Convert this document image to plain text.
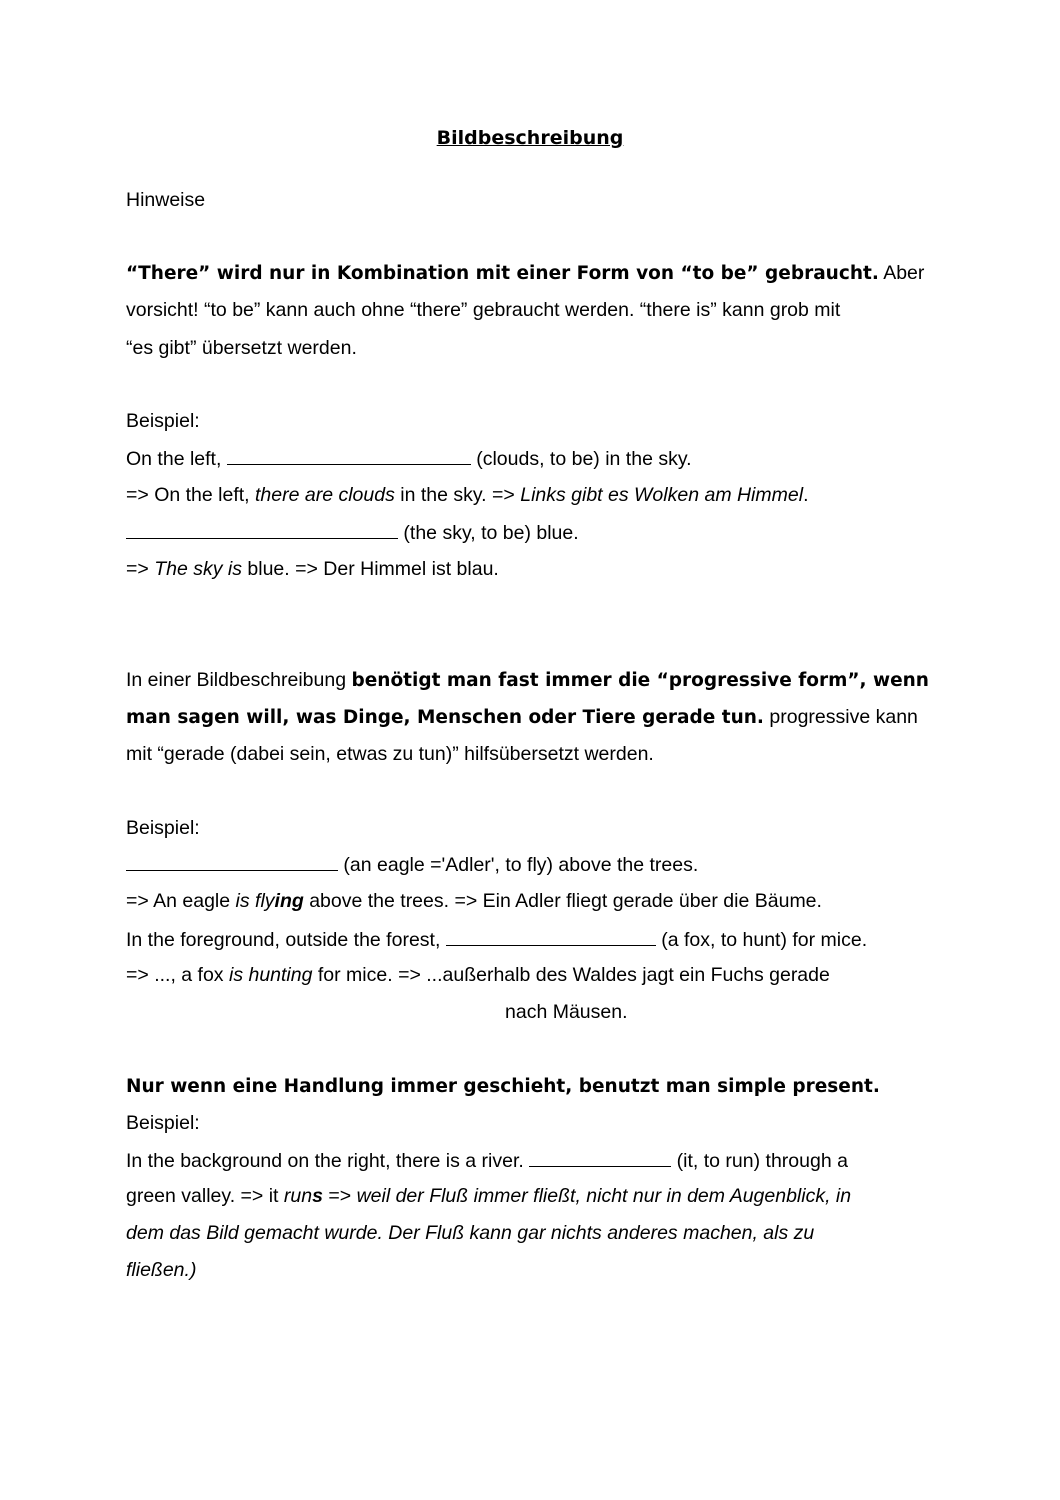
Bildbeschreibung
Hinweise
“There” wird nur in Kombination mit einer Form von “to be” gebraucht. Aber
vorsicht! “to be” kann auch ohne “there” gebraucht werden. “there is” kann grob mit
“es gibt” übersetzt werden.
Beispiel:
On the left,	(clouds, to be) in the sky.
=> On the left, there are clouds in the sky. => Links gibt es Wolken am Himmel.
(the sky, to be) blue.
=> The sky is blue. => Der Himmel ist blau.
In einer Bildbeschreibung benötigt man fast immer die “progressive form”, wenn
man sagen will, was Dinge, Menschen oder Tiere gerade tun. progressive kann
mit “gerade (dabei sein, etwas zu tun)” hilfsübersetzt werden.
Beispiel:
(an eagle ='Adler', to fly) above the trees.
=> An eagle is flying above the trees. => Ein Adler fliegt gerade über die Bäume.
In the foreground, outside the forest,	(a fox, to hunt) for mice.
=> ..., a fox is hunting for mice. => ...außerhalb des Waldes jagt ein Fuchs gerade
nach Mäusen.
Nur wenn eine Handlung immer geschieht, benutzt man simple present.
Beispiel:
In the background on the right, there is a river.	(it, to run) through a
green valley. => it runs => weil der Fluß immer fließt, nicht nur in dem Augenblick, in
dem das Bild gemacht wurde. Der Fluß kann gar nichts anderes machen, als zu
fließen.)
